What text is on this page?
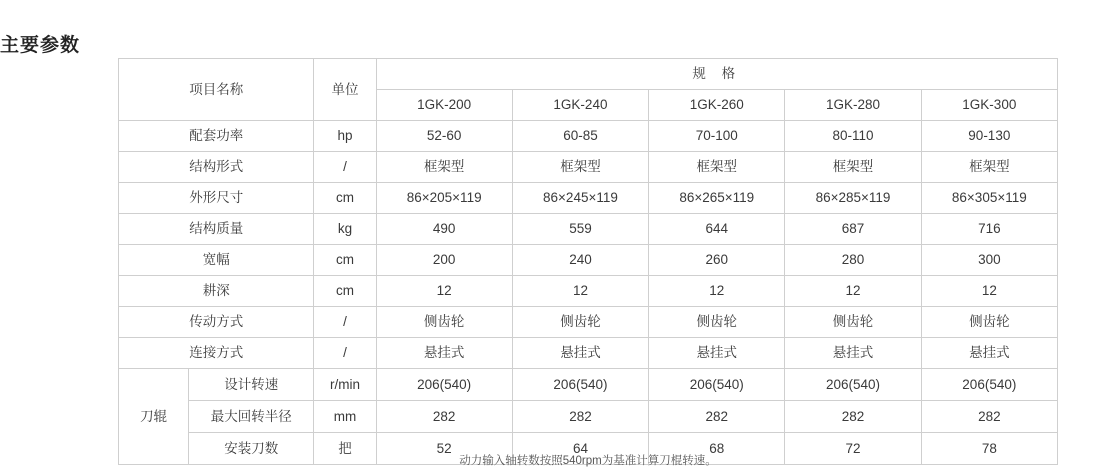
主要参数
项目名称		单位	规 格				
			1GK-200	1GK-240	1GK-260	1GK-280	1GK-300
配套功率		hp	52-60	60-85	70-100	80-110	90-130
结构形式		/	框架型	框架型	框架型	框架型	框架型
外形尺寸		cm	86×205×119	86×245×119	86×265×119	86×285×119	86×305×119
结构质量		kg	490	559	644	687	716
宽幅		cm	200	240	260	280	300
耕深		cm	12	12	12	12	12
传动方式		/	侧齿轮	侧齿轮	侧齿轮	侧齿轮	侧齿轮
连接方式		/	悬挂式	悬挂式	悬挂式	悬挂式	悬挂式
刀辊	设计转速	r/min	206(540)	206(540)	206(540)	206(540)	206(540)
	最大回转半径	mm	282	282	282	282	282
	安装刀数	把	52	64	68	72	78
动力输入轴转数按照540rpm为基准计算刀棍转速。
